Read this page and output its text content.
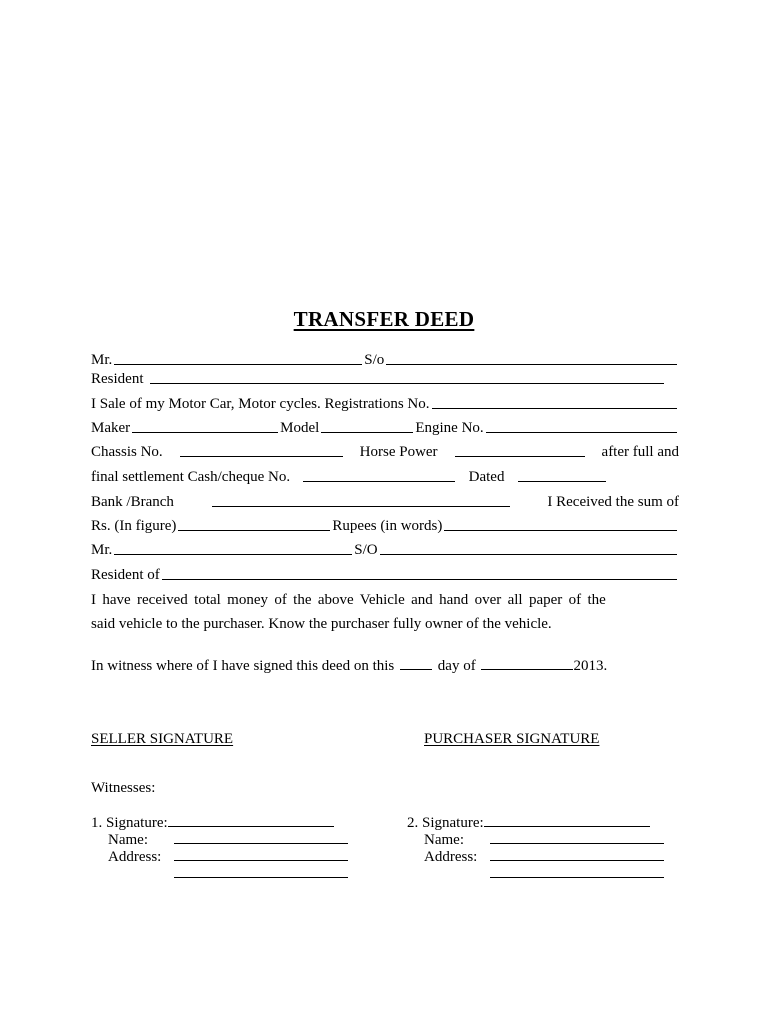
TRANSFER DEED
Mr.	S/o
Resident
I Sale of my Motor Car, Motor cycles. Registrations No.
Maker	Model	Engine No.
Chassis No.	Horse Power	after full and
final settlement Cash/cheque No.	Dated
Bank /Branch	I Received the sum of
Rs. (In figure)	Rupees (in words)
Mr.	S/O
Resident of
I have received total money of the above Vehicle and hand over all paper of the
said vehicle to the purchaser. Know the purchaser fully owner of the vehicle.
In witness where of I have signed this deed on this	day of	2013.
SELLER SIGNATURE	PURCHASER SIGNATURE
Witnesses:
1. Signature:
Name:
Address:
2. Signature:
Name:
Address:
